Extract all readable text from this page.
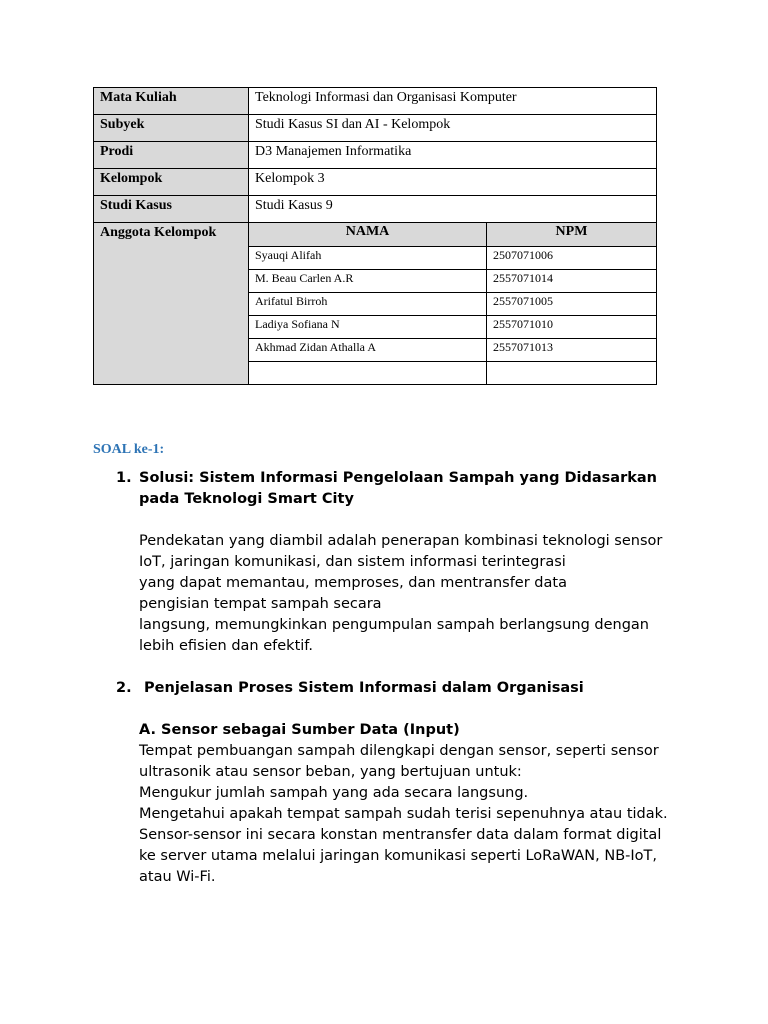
Mata Kuliah	Teknologi Informasi dan Organisasi Komputer
Subyek	Studi Kasus SI dan AI - Kelompok
Prodi	D3 Manajemen Informatika
Kelompok	Kelompok 3
Studi Kasus	Studi Kasus 9
Anggota Kelompok		NAMA	NPM
Syauqi Alifah	2507071006
M. Beau Carlen A.R	2557071014
Arifatul Birroh	2557071005
Ladiya Sofiana N	2557071010
Akhmad Zidan Athalla A	2557071013

SOAL ke-1:
1. Solusi: Sistem Informasi Pengelolaan Sampah yang Didasarkan

pada Teknologi Smart City

Pendekatan yang diambil adalah penerapan kombinasi teknologi sensor

IoT, jaringan komunikasi, dan sistem informasi terintegrasi

yang dapat memantau, memproses, dan mentransfer data

pengisian tempat sampah secara

langsung, memungkinkan pengumpulan sampah berlangsung dengan

lebih efisien dan efektif.

2. Penjelasan Proses Sistem Informasi dalam Organisasi

A. Sensor sebagai Sumber Data (Input)

Tempat pembuangan sampah dilengkapi dengan sensor, seperti sensor

ultrasonik atau sensor beban, yang bertujuan untuk:

Mengukur jumlah sampah yang ada secara langsung.

Mengetahui apakah tempat sampah sudah terisi sepenuhnya atau tidak.

Sensor-sensor ini secara konstan mentransfer data dalam format digital

ke server utama melalui jaringan komunikasi seperti LoRaWAN, NB-IoT,

atau Wi-Fi.
